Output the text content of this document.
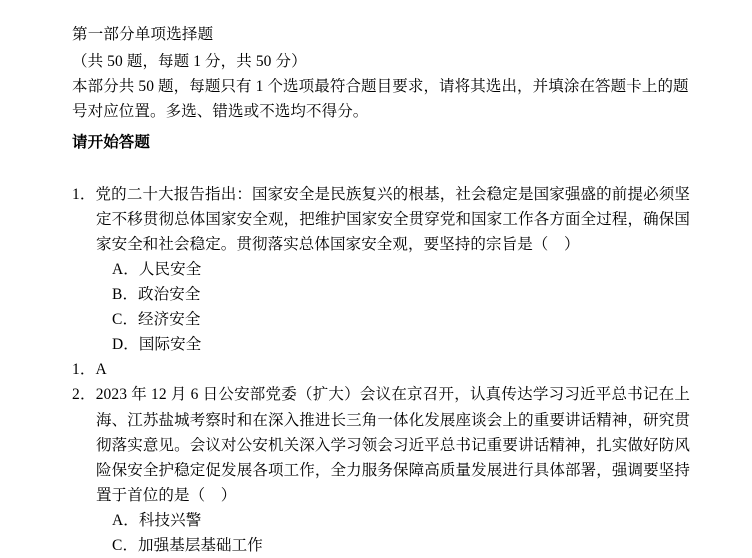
第一部分单项选择题
（共 50 题，每题 1 分，共 50 分）
本部分共 50 题，每题只有 1 个选项最符合题目要求，请将其选出，并填涂在答题卡上的题号对应位置。多选、错选或不选均不得分。
请开始答题
1．党的二十大报告指出：国家安全是民族复兴的根基，社会稳定是国家强盛的前提必须坚定不移贯彻总体国家安全观，把维护国家安全贯穿党和国家工作各方面全过程，确保国家安全和社会稳定。贯彻落实总体国家安全观，要坚持的宗旨是（　）
A．人民安全
B．政治安全
C．经济安全
D．国际安全
1．A
2．2023 年 12 月 6 日公安部党委（扩大）会议在京召开，认真传达学习习近平总书记在上海、江苏盐城考察时和在深入推进长三角一体化发展座谈会上的重要讲话精神，研究贯彻落实意见。会议对公安机关深入学习领会习近平总书记重要讲话精神，扎实做好防风险保安全护稳定促发展各项工作，全力服务保障高质量发展进行具体部署，强调要坚持置于首位的是（　）
A．科技兴警
C．加强基层基础工作
